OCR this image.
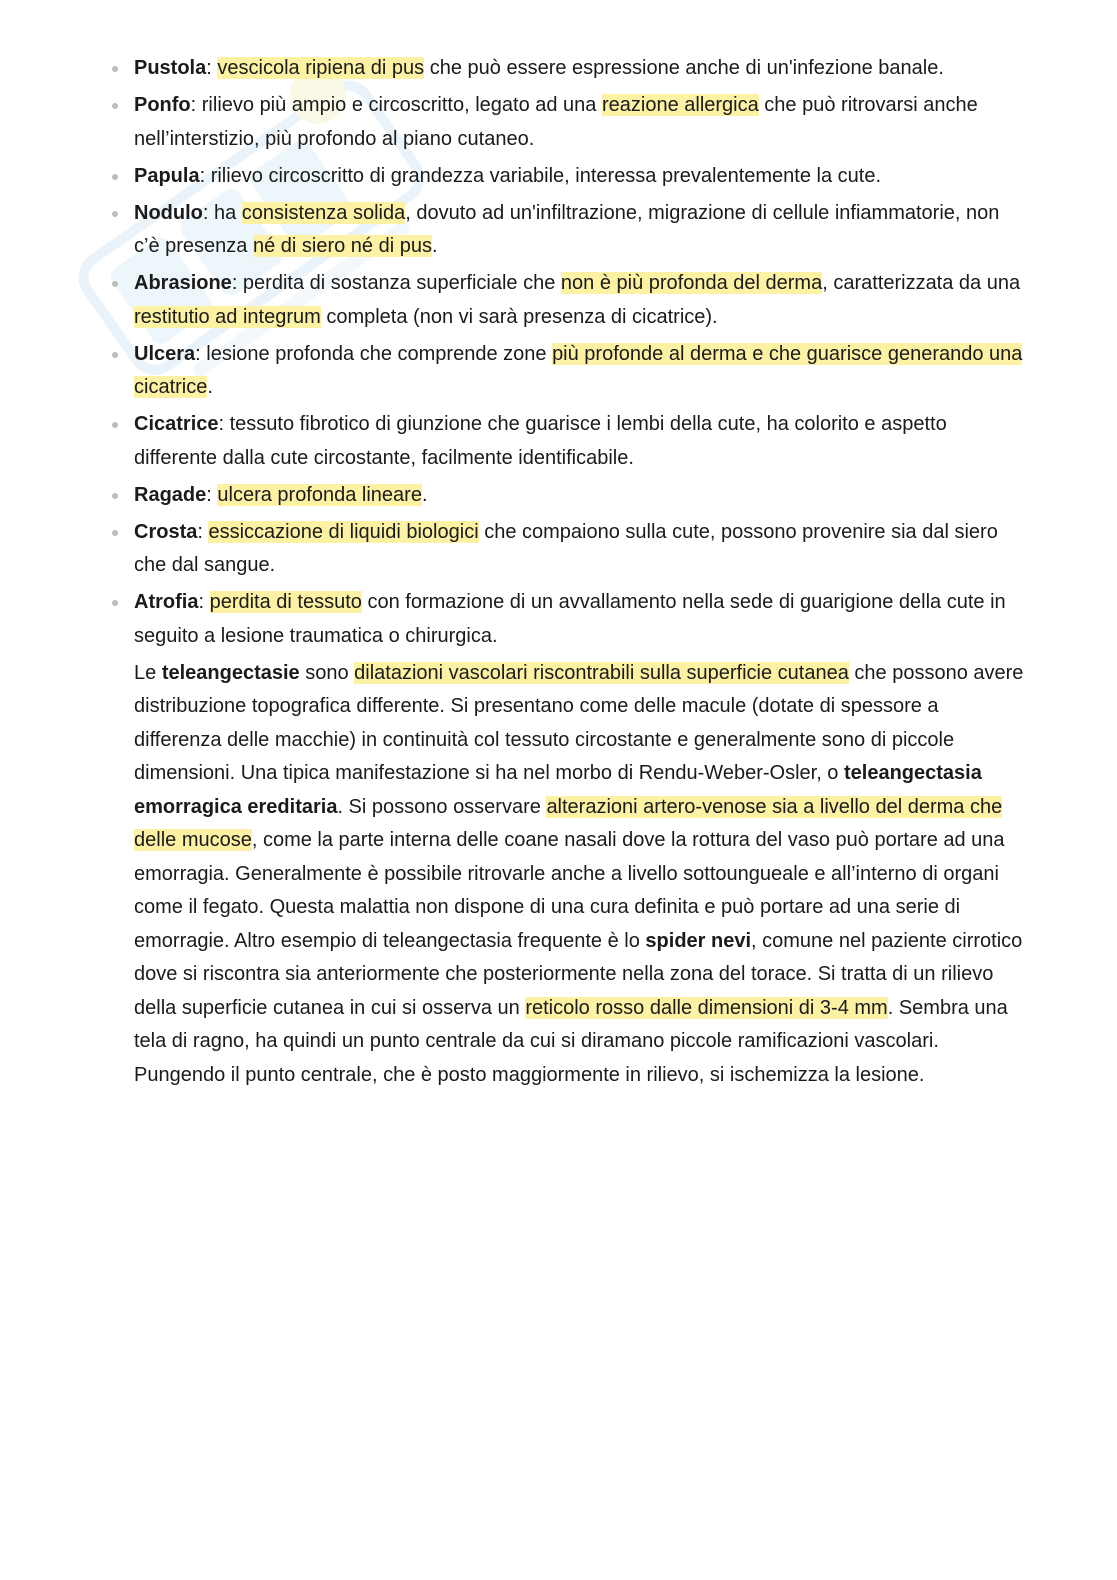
Pustola: vescicola ripiena di pus che può essere espressione anche di un'infezione banale.
Ponfo: rilievo più ampio e circoscritto, legato ad una reazione allergica che può ritrovarsi anche nell’interstizio, più profondo al piano cutaneo.
Papula: rilievo circoscritto di grandezza variabile, interessa prevalentemente la cute.
Nodulo: ha consistenza solida, dovuto ad un'infiltrazione, migrazione di cellule infiammatorie, non c’è presenza né di siero né di pus.
Abrasione: perdita di sostanza superficiale che non è più profonda del derma, caratterizzata da una restitutio ad integrum completa (non vi sarà presenza di cicatrice).
Ulcera: lesione profonda che comprende zone più profonde al derma e che guarisce generando una cicatrice.
Cicatrice: tessuto fibrotico di giunzione che guarisce i lembi della cute, ha colorito e aspetto differente dalla cute circostante, facilmente identificabile.
Ragade: ulcera profonda lineare.
Crosta: essiccazione di liquidi biologici che compaiono sulla cute, possono provenire sia dal siero che dal sangue.
Atrofia: perdita di tessuto con formazione di un avvallamento nella sede di guarigione della cute in seguito a lesione traumatica o chirurgica.

Le teleangectasie sono dilatazioni vascolari riscontrabili sulla superficie cutanea che possono avere distribuzione topografica differente. Si presentano come delle macule (dotate di spessore a differenza delle macchie) in continuità col tessuto circostante e generalmente sono di piccole dimensioni. Una tipica manifestazione si ha nel morbo di Rendu-Weber-Osler, o teleangectasia emorragica ereditaria. Si possono osservare alterazioni artero-venose sia a livello del derma che delle mucose, come la parte interna delle coane nasali dove la rottura del vaso può portare ad una emorragia. Generalmente è possibile ritrovarle anche a livello sottoungueale e all’interno di organi come il fegato. Questa malattia non dispone di una cura definita e può portare ad una serie di emorragie. Altro esempio di teleangectasia frequente è lo spider nevi, comune nel paziente cirrotico dove si riscontra sia anteriormente che posteriormente nella zona del torace. Si tratta di un rilievo della superficie cutanea in cui si osserva un reticolo rosso dalle dimensioni di 3-4 mm. Sembra una tela di ragno, ha quindi un punto centrale da cui si diramano piccole ramificazioni vascolari. Pungendo il punto centrale, che è posto maggiormente in rilievo, si ischemizza la lesione.
